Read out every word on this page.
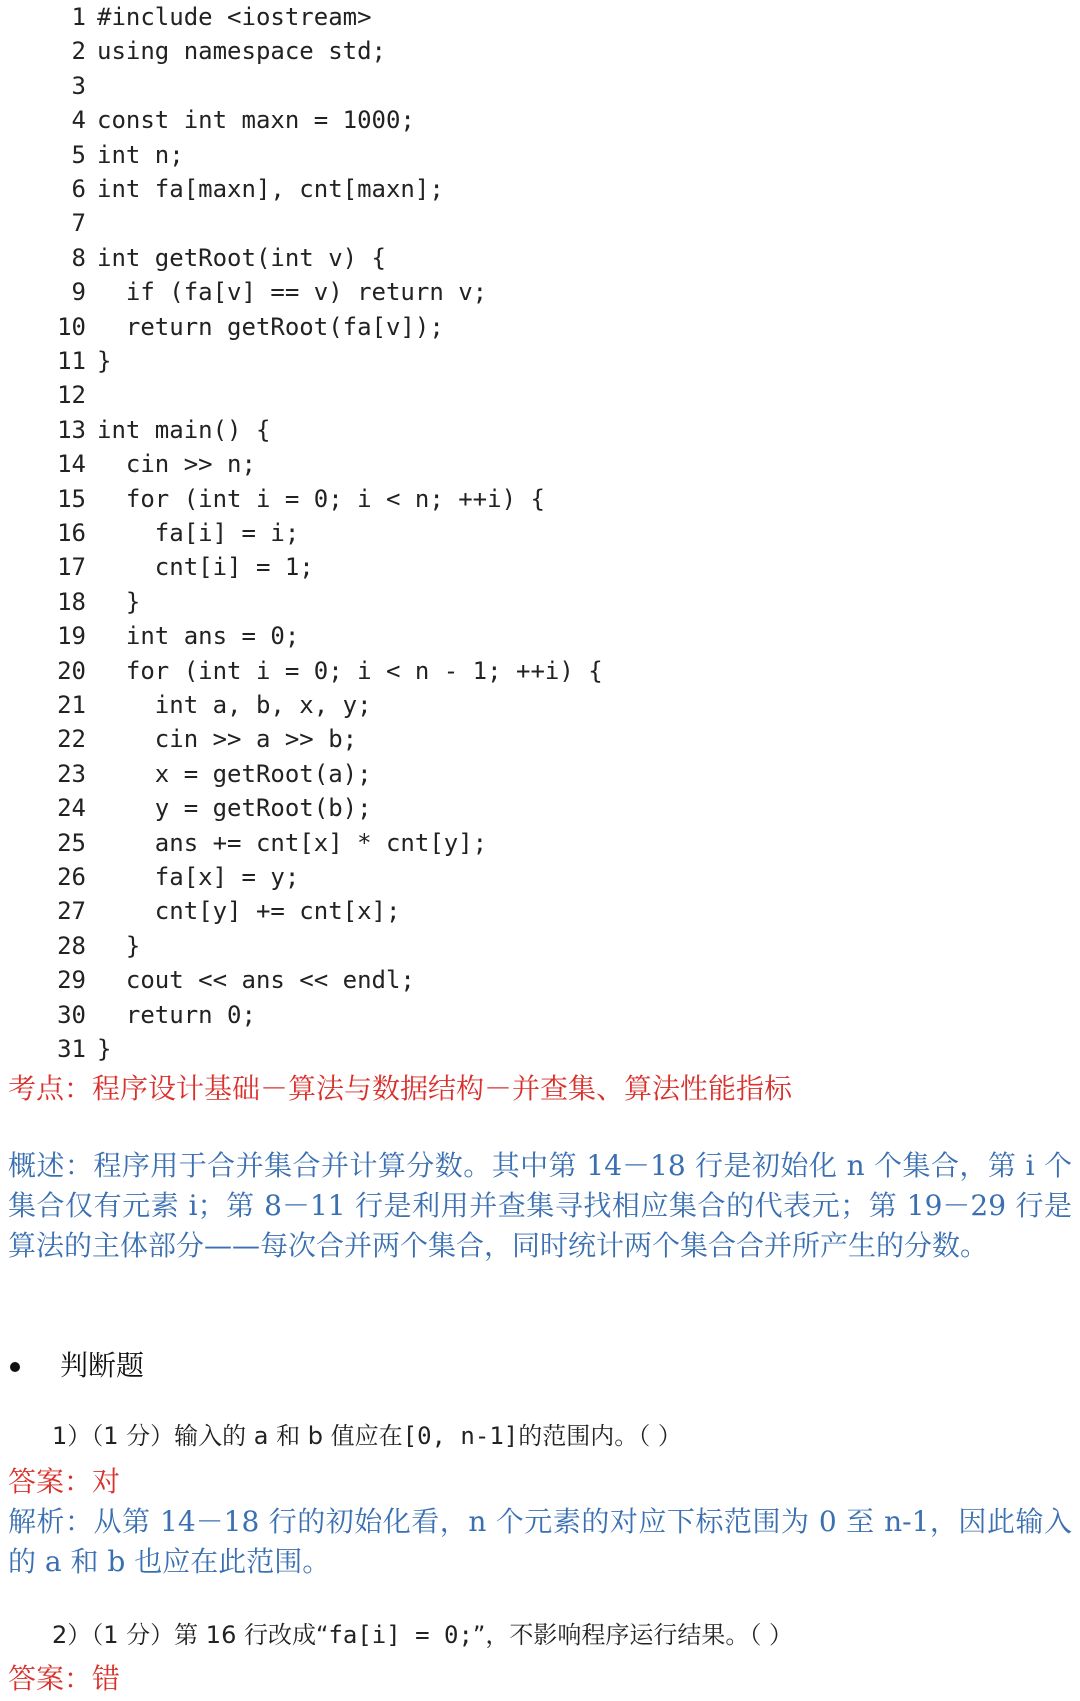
1 #include <iostream>
2 using namespace std;
3
4 const int maxn = 1000;
5 int n;
6 int fa[maxn], cnt[maxn];
7
8 int getRoot(int v) {
9 if (fa[v] == v) return v;
10 return getRoot(fa[v]);
11 }
12
13 int main() {
14 cin >> n;
15 for (int i = 0; i < n; ++i) {
16 fa[i] = i;
17 cnt[i] = 1;
18 }
19 int ans = 0;
20 for (int i = 0; i < n - 1; ++i) {
21 int a, b, x, y;
22 cin >> a >> b;
23 x = getRoot(a);
24 y = getRoot(b);
25 ans += cnt[x] * cnt[y];
26 fa[x] = y;
27 cnt[y] += cnt[x];
28 }
29 cout << ans << endl;
30 return 0;
31 }
考点：程序设计基础－算法与数据结构－并查集、算法性能指标
概述：程序用于合并集合并计算分数。其中第 14－18 行是初始化 n 个集合，第 i 个集合仅有元素 i；第 8－11 行是利用并查集寻找相应集合的代表元；第 19－29 行是算法的主体部分——每次合并两个集合，同时统计两个集合合并所产生的分数。
判断题
1）（1 分）输入的 a 和 b 值应在[0, n-1]的范围内。（ ）
答案：对
解析：从第 14－18 行的初始化看，n 个元素的对应下标范围为 0 至 n-1，因此输入的 a 和 b 也应在此范围。
2）（1 分）第 16 行改成“fa[i] = 0;”，不影响程序运行结果。（ ）
答案：错
